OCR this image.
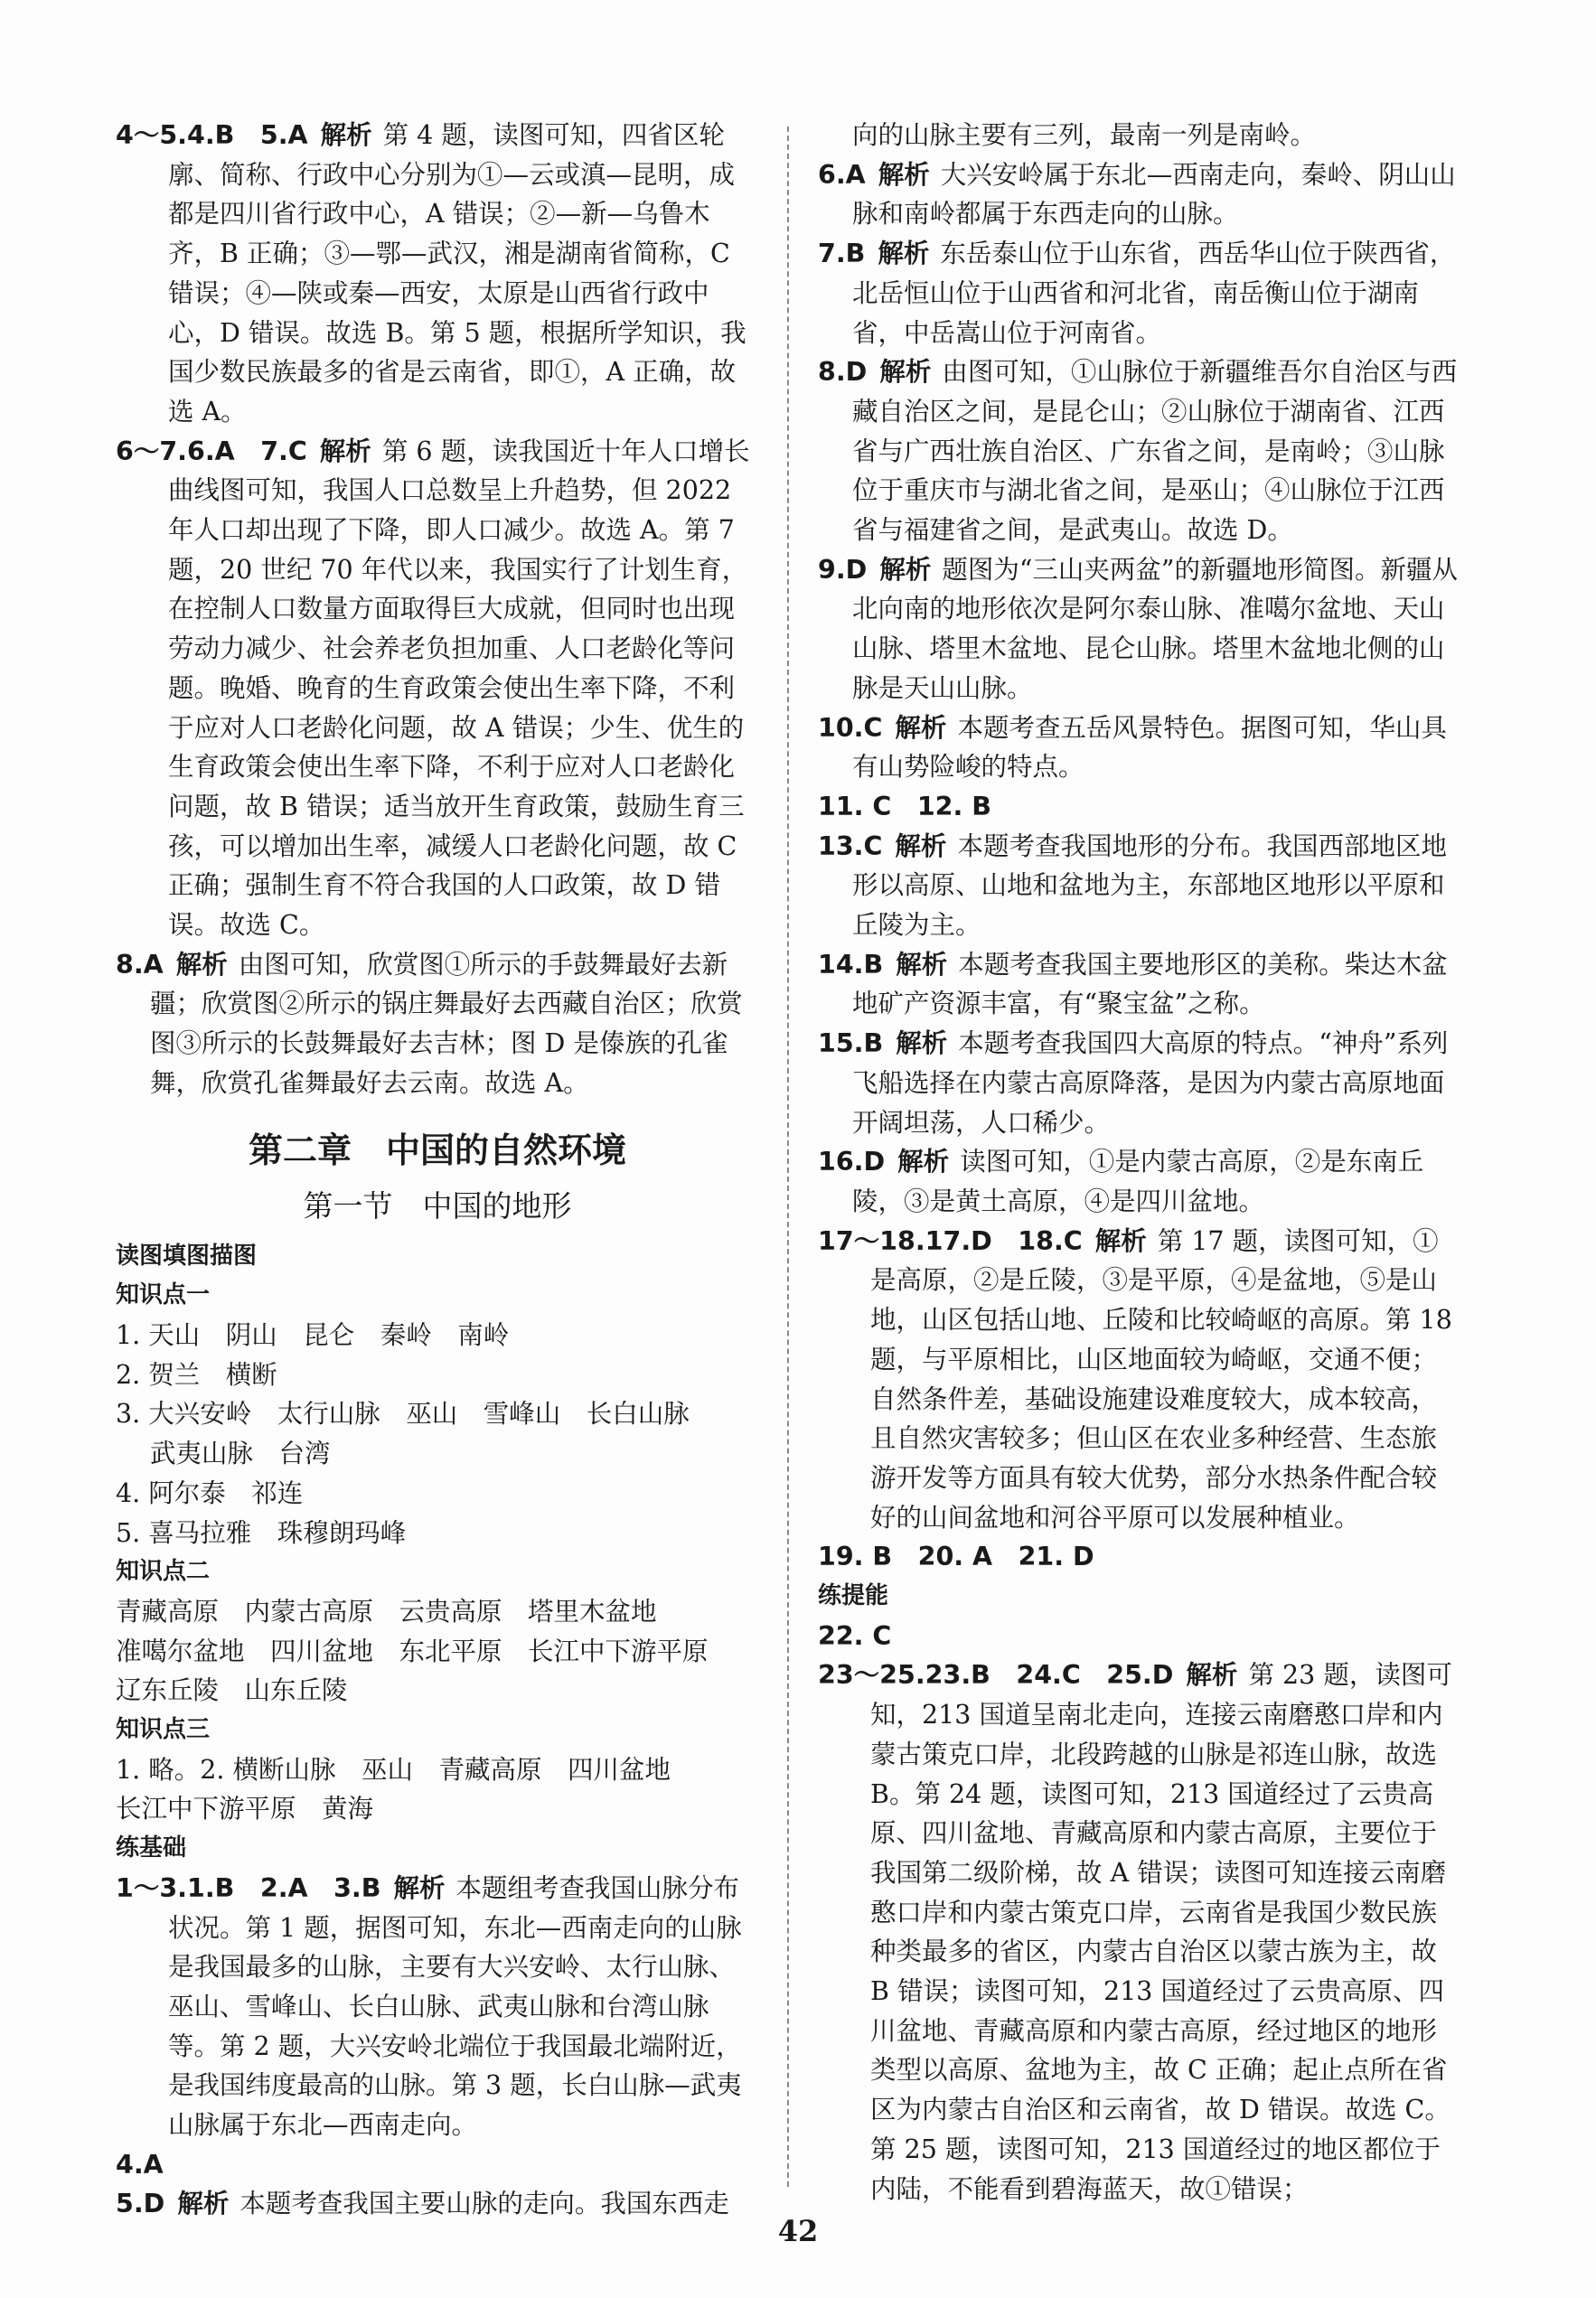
4～5.4.B　5.A 解析 第 4 题，读图可知，四省区轮廓、简称、行政中心分别为①—云或滇—昆明，成都是四川省行政中心，A 错误；②—新—乌鲁木齐，B 正确；③—鄂—武汉，湘是湖南省简称，C 错误；④—陕或秦—西安，太原是山西省行政中心，D 错误。故选 B。第 5 题，根据所学知识，我国少数民族最多的省是云南省，即①，A 正确，故选 A。
6～7.6.A　7.C 解析 第 6 题，读我国近十年人口增长曲线图可知，我国人口总数呈上升趋势，但 2022 年人口却出现了下降，即人口减少。故选 A。第 7 题，20 世纪 70 年代以来，我国实行了计划生育，在控制人口数量方面取得巨大成就，但同时也出现劳动力减少、社会养老负担加重、人口老龄化等问题。晚婚、晚育的生育政策会使出生率下降，不利于应对人口老龄化问题，故 A 错误；少生、优生的生育政策会使出生率下降，不利于应对人口老龄化问题，故 B 错误；适当放开生育政策，鼓励生育三孩，可以增加出生率，减缓人口老龄化问题，故 C 正确；强制生育不符合我国的人口政策，故 D 错误。故选 C。
8.A 解析 由图可知，欣赏图①所示的手鼓舞最好去新疆；欣赏图②所示的锅庄舞最好去西藏自治区；欣赏图③所示的长鼓舞最好去吉林；图 D 是傣族的孔雀舞，欣赏孔雀舞最好去云南。故选 A。
第二章　中国的自然环境
第一节　中国的地形
读图填图描图
知识点一
1. 天山　阴山　昆仑　秦岭　南岭
2. 贺兰　横断
3. 大兴安岭　太行山脉　巫山　雪峰山　长白山脉
武夷山脉　台湾
4. 阿尔泰　祁连
5. 喜马拉雅　珠穆朗玛峰
知识点二
青藏高原　内蒙古高原　云贵高原　塔里木盆地
准噶尔盆地　四川盆地　东北平原　长江中下游平原
辽东丘陵　山东丘陵
知识点三
1. 略。2. 横断山脉　巫山　青藏高原　四川盆地
长江中下游平原　黄海
练基础
1～3.1.B　2.A　3.B 解析 本题组考查我国山脉分布状况。第 1 题，据图可知，东北—西南走向的山脉是我国最多的山脉，主要有大兴安岭、太行山脉、巫山、雪峰山、长白山脉、武夷山脉和台湾山脉等。第 2 题，大兴安岭北端位于我国最北端附近，是我国纬度最高的山脉。第 3 题，长白山脉—武夷山脉属于东北—西南走向。
4.A
5.D 解析 本题考查我国主要山脉的走向。我国东西走
向的山脉主要有三列，最南一列是南岭。
6.A 解析 大兴安岭属于东北—西南走向，秦岭、阴山山脉和南岭都属于东西走向的山脉。
7.B 解析 东岳泰山位于山东省，西岳华山位于陕西省，北岳恒山位于山西省和河北省，南岳衡山位于湖南省，中岳嵩山位于河南省。
8.D 解析 由图可知，①山脉位于新疆维吾尔自治区与西藏自治区之间，是昆仑山；②山脉位于湖南省、江西省与广西壮族自治区、广东省之间，是南岭；③山脉位于重庆市与湖北省之间，是巫山；④山脉位于江西省与福建省之间，是武夷山。故选 D。
9.D 解析 题图为“三山夹两盆”的新疆地形简图。新疆从北向南的地形依次是阿尔泰山脉、准噶尔盆地、天山山脉、塔里木盆地、昆仑山脉。塔里木盆地北侧的山脉是天山山脉。
10.C 解析 本题考查五岳风景特色。据图可知，华山具有山势险峻的特点。
11. C　12. B
13.C 解析 本题考查我国地形的分布。我国西部地区地形以高原、山地和盆地为主，东部地区地形以平原和丘陵为主。
14.B 解析 本题考查我国主要地形区的美称。柴达木盆地矿产资源丰富，有“聚宝盆”之称。
15.B 解析 本题考查我国四大高原的特点。“神舟”系列飞船选择在内蒙古高原降落，是因为内蒙古高原地面开阔坦荡，人口稀少。
16.D 解析 读图可知，①是内蒙古高原，②是东南丘陵，③是黄土高原，④是四川盆地。
17～18.17.D　18.C 解析 第 17 题，读图可知，①是高原，②是丘陵，③是平原，④是盆地，⑤是山地，山区包括山地、丘陵和比较崎岖的高原。第 18 题，与平原相比，山区地面较为崎岖，交通不便；自然条件差，基础设施建设难度较大，成本较高，且自然灾害较多；但山区在农业多种经营、生态旅游开发等方面具有较大优势，部分水热条件配合较好的山间盆地和河谷平原可以发展种植业。
19. B　20. A　21. D
练提能
22. C
23～25.23.B　24.C　25.D 解析 第 23 题，读图可知，213 国道呈南北走向，连接云南磨憨口岸和内蒙古策克口岸，北段跨越的山脉是祁连山脉，故选 B。第 24 题，读图可知，213 国道经过了云贵高原、四川盆地、青藏高原和内蒙古高原，主要位于我国第二级阶梯，故 A 错误；读图可知连接云南磨憨口岸和内蒙古策克口岸，云南省是我国少数民族种类最多的省区，内蒙古自治区以蒙古族为主，故 B 错误；读图可知，213 国道经过了云贵高原、四川盆地、青藏高原和内蒙古高原，经过地区的地形类型以高原、盆地为主，故 C 正确；起止点所在省区为内蒙古自治区和云南省，故 D 错误。故选 C。第 25 题，读图可知，213 国道经过的地区都位于内陆，不能看到碧海蓝天，故①错误；
42
